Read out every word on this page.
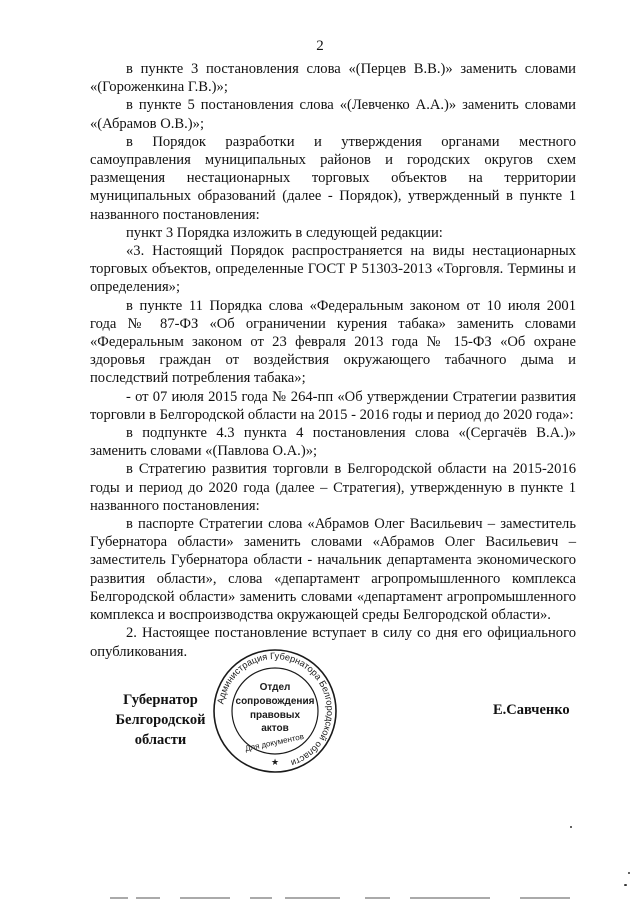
2

в пункте 3 постановления слова «(Перцев В.В.)» заменить словами «(Гороженкина Г.В.)»;

в пункте 5 постановления слова «(Левченко А.А.)» заменить словами «(Абрамов О.В.)»;

в Порядок разработки и утверждения органами местного самоуправления муниципальных районов и городских округов схем размещения нестационарных торговых объектов на территории муниципальных образований (далее - Порядок), утвержденный в пункте 1 названного постановления:

пункт 3 Порядка изложить в следующей редакции:

«3. Настоящий Порядок распространяется на виды нестационарных торговых объектов, определенные ГОСТ Р 51303-2013 «Торговля. Термины и определения»;

в пункте 11 Порядка слова «Федеральным законом от 10 июля 2001 года № 87-ФЗ «Об ограничении курения табака» заменить словами «Федеральным законом от 23 февраля 2013 года № 15-ФЗ «Об охране здоровья граждан от воздействия окружающего табачного дыма и последствий потребления табака»;

- от 07 июля 2015 года № 264-пп «Об утверждении Стратегии развития торговли в Белгородской области на 2015 - 2016 годы и период до 2020 года»:

в подпункте 4.3 пункта 4 постановления слова «(Сергачёв В.А.)» заменить словами «(Павлова О.А.)»;

в Стратегию развития торговли в Белгородской области на 2015-2016 годы и период до 2020 года (далее – Стратегия), утвержденную в пункте 1 названного постановления:

в паспорте Стратегии слова «Абрамов Олег Васильевич – заместитель Губернатора области» заменить словами «Абрамов Олег Васильевич – заместитель Губернатора области - начальник департамента экономического развития области», слова «департамент агропромышленного комплекса Белгородской области» заменить словами «департамент агропромышленного комплекса и воспроизводства окружающей среды Белгородской области».

2. Настоящее постановление вступает в силу со дня его официального опубликования.

Губернатор
Белгородской области
Администрация Губернатора Белгородской области
Отдел
сопровождения
правовых
актов
Для документов
★
Е.Савченко
